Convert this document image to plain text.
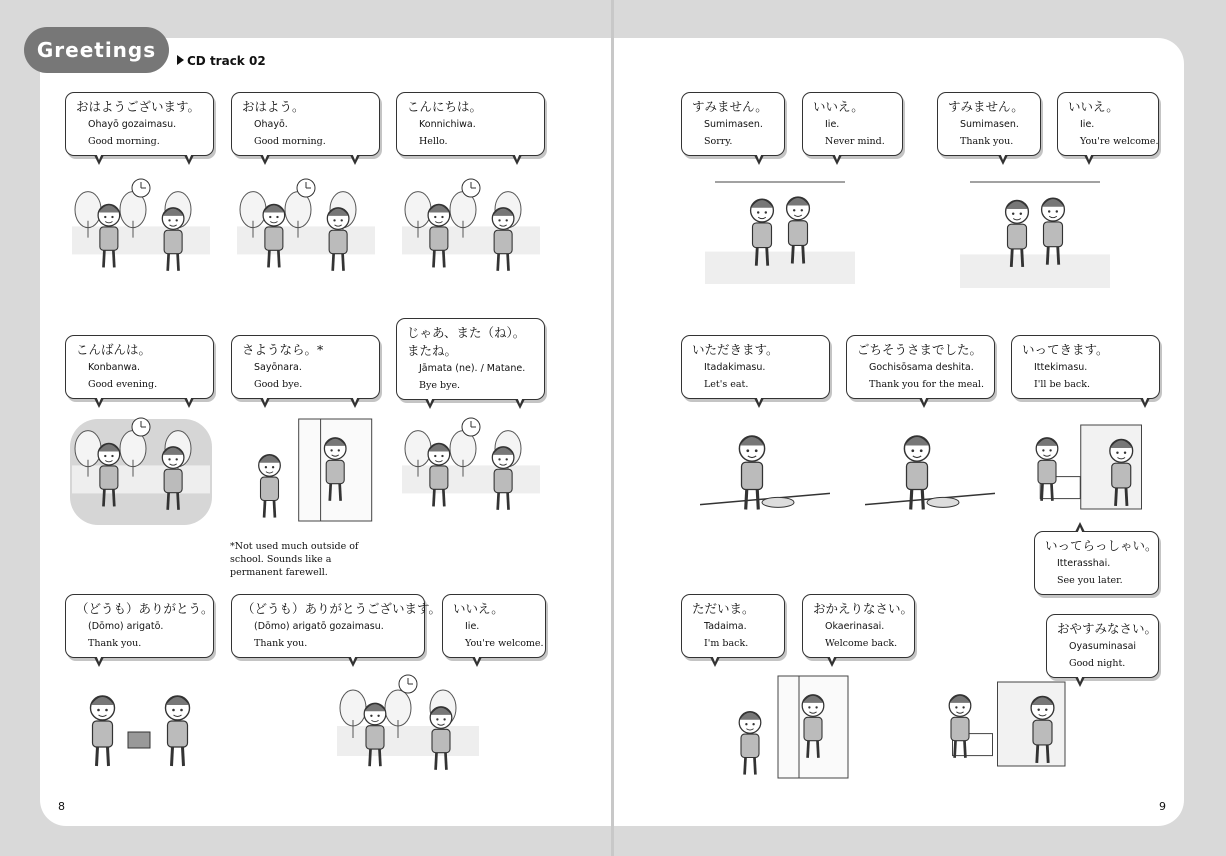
Greetings	CD track 02
おはようございます。
Ohayō gozaimasu.
Good morning.
おはよう。
Ohayō.
Good morning.
こんにちは。
Konnichiwa.
Hello.
こんばんは。
Konbanwa.
Good evening.
さようなら。*
Sayōnara.
Good bye.
じゃあ、また（ね）。
またね。
Jāmata (ne). / Matane.
Bye bye.
（どうも）ありがとう。
(Dōmo) arigatō.
Thank you.
（どうも）ありがとうございます。
(Dōmo) arigatō gozaimasu.
Thank you.
いいえ。
Iie.
You're welcome.
すみません。
Sumimasen.
Sorry.
いいえ。
Iie.
Never mind.
すみません。
Sumimasen.
Thank you.
いいえ。
Iie.
You're welcome.
いただきます。
Itadakimasu.
Let's eat.
ごちそうさまでした。
Gochisōsama deshita.
Thank you for the meal.
いってきます。
Ittekimasu.
I'll be back.
いってらっしゃい。
Itterasshai.
See you later.
ただいま。
Tadaima.
I'm back.
おかえりなさい。
Okaerinasai.
Welcome back.
おやすみなさい。
Oyasuminasai
Good night.
*Not used much outside of school. Sounds like a permanent farewell.
8	9
